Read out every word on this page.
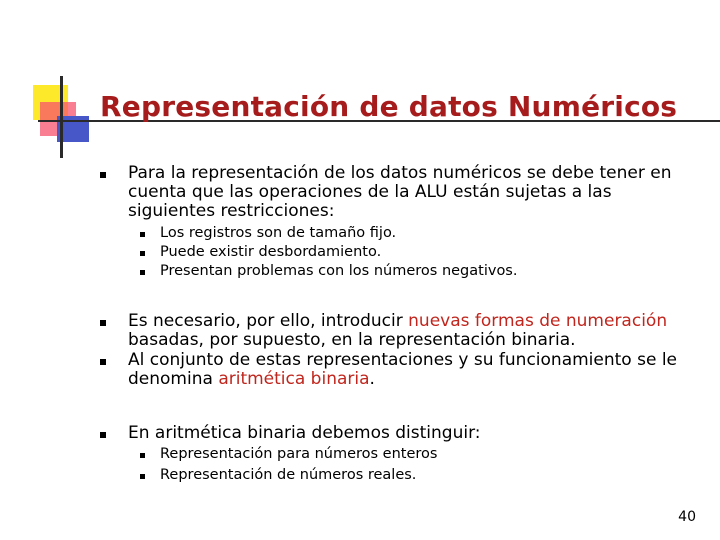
Representación de datos Numéricos
Para la representación de los datos numéricos se debe tener en
cuenta que las operaciones de la ALU están sujetas a las
siguientes restricciones:
Los registros son de tamaño fijo.
Puede existir desbordamiento.
Presentan problemas con los números negativos.
Es necesario, por ello, introducir nuevas formas de numeración
basadas, por supuesto, en la representación binaria.
Al conjunto de estas representaciones y su funcionamiento se le
denomina aritmética binaria.
En aritmética binaria debemos distinguir:
Representación para números enteros
Representación de números reales.
40
